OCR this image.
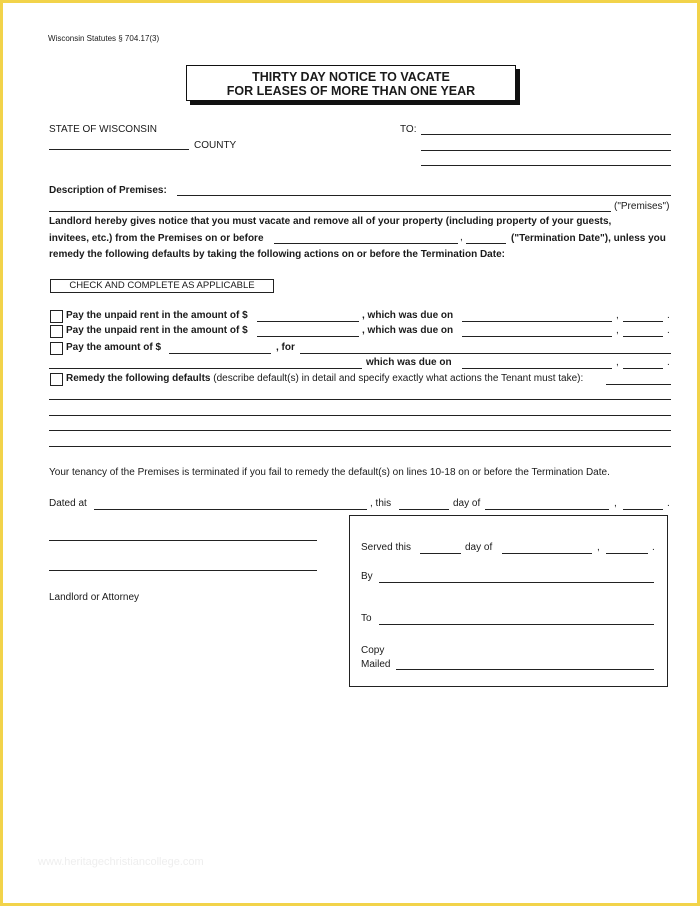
Wisconsin Statutes § 704.17(3)
THIRTY DAY NOTICE TO VACATE
FOR LEASES OF MORE THAN ONE YEAR
STATE OF WISCONSIN
COUNTY
TO:
Description of Premises:
("Premises")
Landlord hereby gives notice that you must vacate and remove all of your property (including property of your guests,
invitees, etc.) from the Premises on or before	,	("Termination Date"), unless you
remedy the following defaults by taking the following actions on or before the Termination Date:
CHECK AND COMPLETE AS APPLICABLE
Pay the unpaid rent in the amount of $	, which was due on	,	.
Pay the unpaid rent in the amount of $	, which was due on	,	.
Pay the amount of $	, for
which was due on	,	.
Remedy the following defaults (describe default(s) in detail and specify exactly what actions the Tenant must take):
Your tenancy of the Premises is terminated if you fail to remedy the default(s) on lines 10-18 on or before the Termination Date.
Dated at	, this	day of	,	.
Landlord or Attorney
Served this	day of	,	.
By
To
Copy
Mailed
www.heritagechristiancollege.com
